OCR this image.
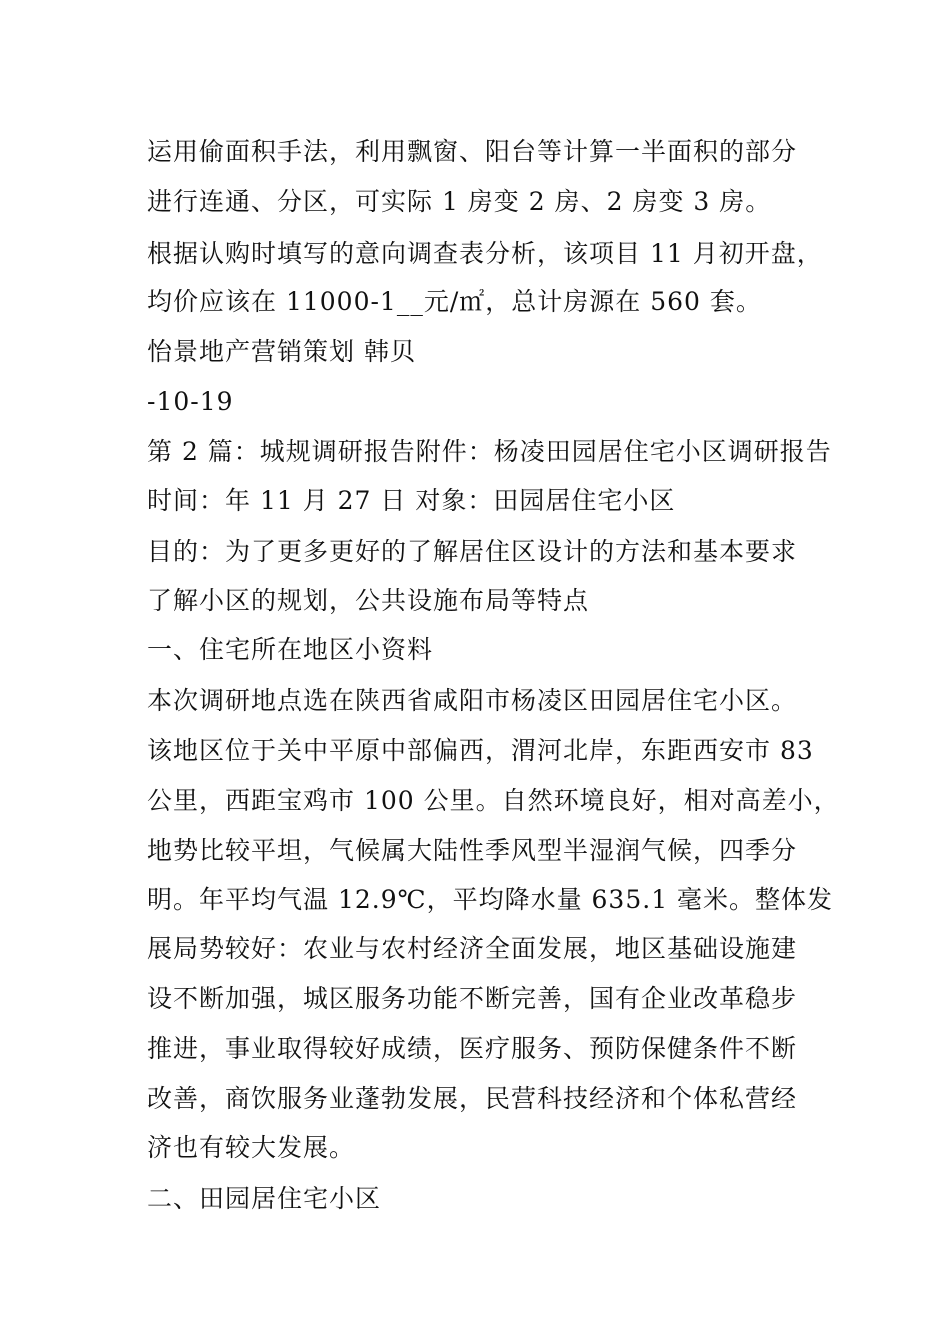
运用偷面积手法，利用飘窗、阳台等计算一半面积的部分
进行连通、分区，可实际 1 房变 2 房、2 房变 3 房。
根据认购时填写的意向调查表分析，该项目 11 月初开盘，
均价应该在 11000-1__元/㎡，总计房源在 560 套。
怡景地产营销策划 韩贝
-10-19
第 2 篇：城规调研报告附件：杨凌田园居住宅小区调研报告
时间：年 11 月 27 日 对象：田园居住宅小区
目的：为了更多更好的了解居住区设计的方法和基本要求
了解小区的规划，公共设施布局等特点
一、住宅所在地区小资料
本次调研地点选在陕西省咸阳市杨凌区田园居住宅小区。
该地区位于关中平原中部偏西，渭河北岸，东距西安市 83
公里，西距宝鸡市 100 公里。自然环境良好，相对高差小，
地势比较平坦，气候属大陆性季风型半湿润气候，四季分
明。年平均气温 12.9℃，平均降水量 635.1 毫米。整体发
展局势较好：农业与农村经济全面发展，地区基础设施建
设不断加强，城区服务功能不断完善，国有企业改革稳步
推进，事业取得较好成绩，医疗服务、预防保健条件不断
改善，商饮服务业蓬勃发展，民营科技经济和个体私营经
济也有较大发展。
二、田园居住宅小区
